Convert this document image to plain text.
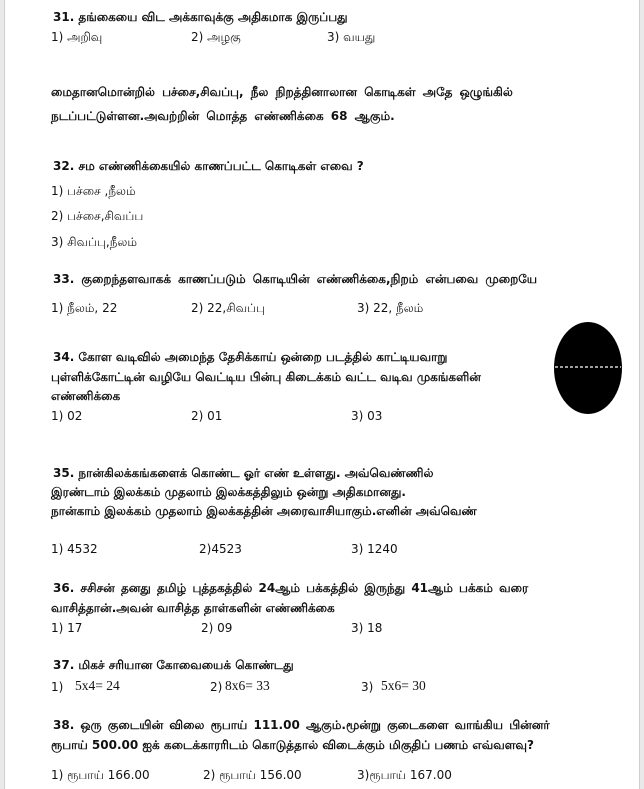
31. தங்கையை விட அக்காவுக்கு அதிகமாக இருப்பது
1) அறிவு	2) அழகு	3) வயது
மைதானமொன்றில் பச்சை,சிவப்பு, நீல நிறத்தினாலான கொடிகள் அதே ஒழுங்கில்
நடப்பட்டுள்ளன.அவற்றின் மொத்த எண்ணிக்கை 68 ஆகும்.
32. சம எண்ணிக்கையில் காணப்பட்ட கொடிகள் எவை ?
1) பச்சை ,நீலம்
2) பச்சை,சிவப்ப
3) சிவப்பு,நீலம்
33. குறைந்தளவாகக் காணப்படும் கொடியின் எண்ணிக்கை,நிறம் என்பவை முறையே
1) நீலம், 22	2) 22,சிவப்பு	3) 22, நீலம்
34. கோள வடிவில் அமைந்த தேசிக்காய் ஒன்றை படத்தில் காட்டியவாறு
புள்ளிக்கோட்டின் வழியே வெட்டிய பின்பு கிடைக்கம் வட்ட வடிவ முகங்களின்
எண்ணிக்கை
1) 02	2) 01	3) 03
35. நான்கிலக்கங்களைக் கொண்ட ஓர் எண் உள்ளது. அவ்வெண்ணில்
இரண்டாம் இலக்கம் முதலாம் இலக்கத்திலும் ஒன்று அதிகமானது.
நான்காம் இலக்கம் முதலாம் இலக்கத்தின் அரைவாசியாகும்.எனின் அவ்வெண்
1) 4532	2)4523	3) 1240
36. சசிசன் தனது தமிழ் புத்தகத்தில் 24ஆம் பக்கத்தில் இருந்து 41ஆம் பக்கம் வரை
வாசித்தான்.அவன் வாசித்த தாள்களின் எண்ணிக்கை
1) 17	2) 09	3) 18
37. மிகச் சரியான கோவையைக் கொண்டது
1) 5x4= 24	2) 8x6= 33	3) 5x6= 30
38. ஒரு குடையின் விலை ரூபாய் 111.00 ஆகும்.மூன்று குடைகளை வாங்கிய பின்னர்
ரூபாய் 500.00 ஐக் கடைக்காரரிடம் கொடுத்தால் விடைக்கும் மிகுதிப் பணம் எவ்வளவு?
1) ரூபாய் 166.00	2) ரூபாய் 156.00	3)ரூபாய் 167.00
